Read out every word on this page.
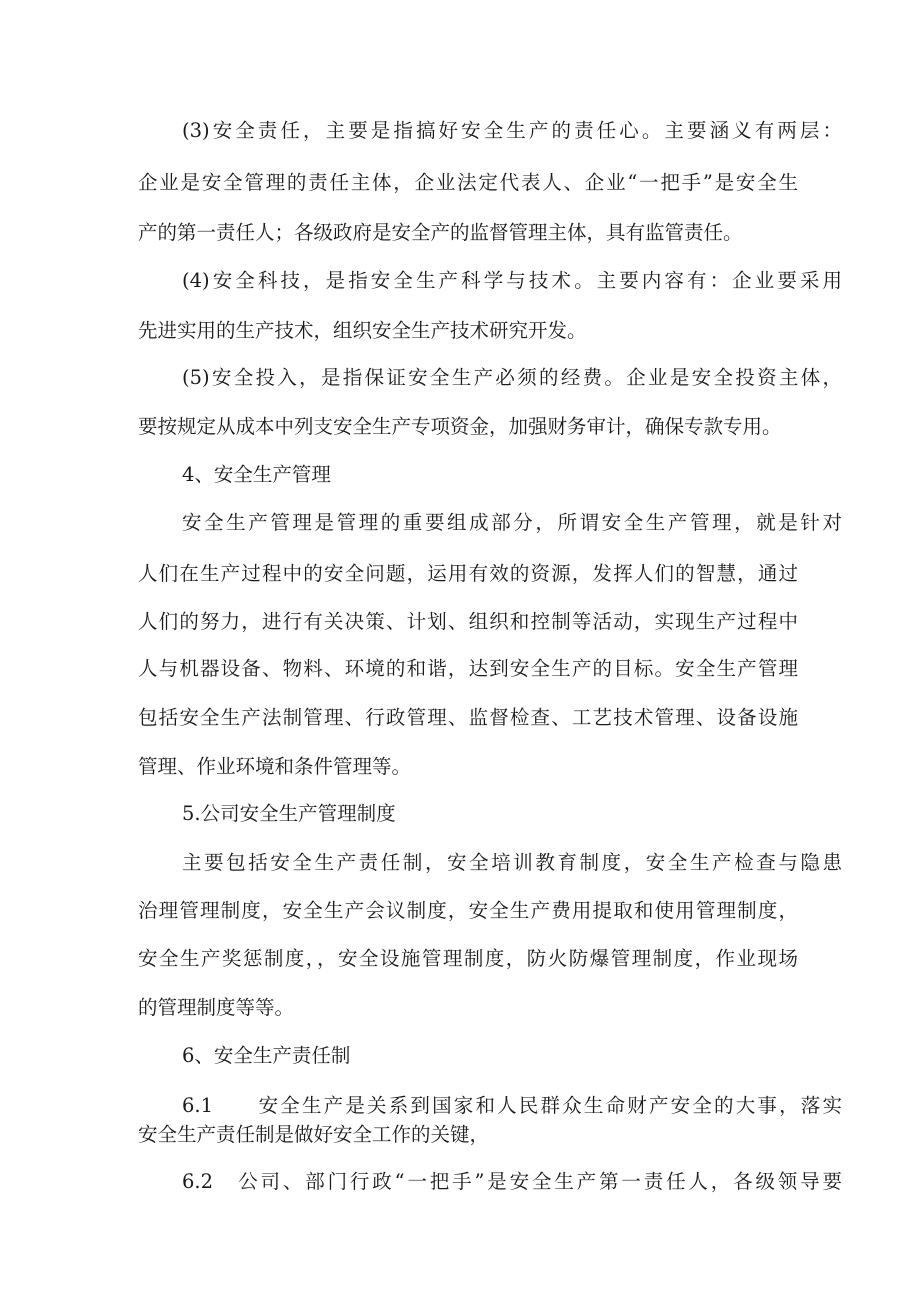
(3)安全责任，主要是指搞好安全生产的责任心。主要涵义有两层：
企业是安全管理的责任主体，企业法定代表人、企业“一把手”是安全生
产的第一责任人；各级政府是安全产的监督管理主体，具有监管责任。
(4)安全科技，是指安全生产科学与技术。主要内容有：企业要采用
先进实用的生产技术，组织安全生产技术研究开发。
(5)安全投入，是指保证安全生产必须的经费。企业是安全投资主体，
要按规定从成本中列支安全生产专项资金，加强财务审计，确保专款专用。
4、安全生产管理
安全生产管理是管理的重要组成部分，所谓安全生产管理，就是针对
人们在生产过程中的安全问题，运用有效的资源，发挥人们的智慧，通过
人们的努力，进行有关决策、计划、组织和控制等活动，实现生产过程中
人与机器设备、物料、环境的和谐，达到安全生产的目标。安全生产管理
包括安全生产法制管理、行政管理、监督检查、工艺技术管理、设备设施
管理、作业环境和条件管理等。
5.公司安全生产管理制度
主要包括安全生产责任制，安全培训教育制度，安全生产检查与隐患
治理管理制度，安全生产会议制度，安全生产费用提取和使用管理制度，
安全生产奖惩制度，，安全设施管理制度，防火防爆管理制度，作业现场
的管理制度等等。
6、安全生产责任制
6.1　　安全生产是关系到国家和人民群众生命财产安全的大事，落实
安全生产责任制是做好安全工作的关键，
6.2　公司、部门行政“一把手”是安全生产第一责任人，各级领导要
